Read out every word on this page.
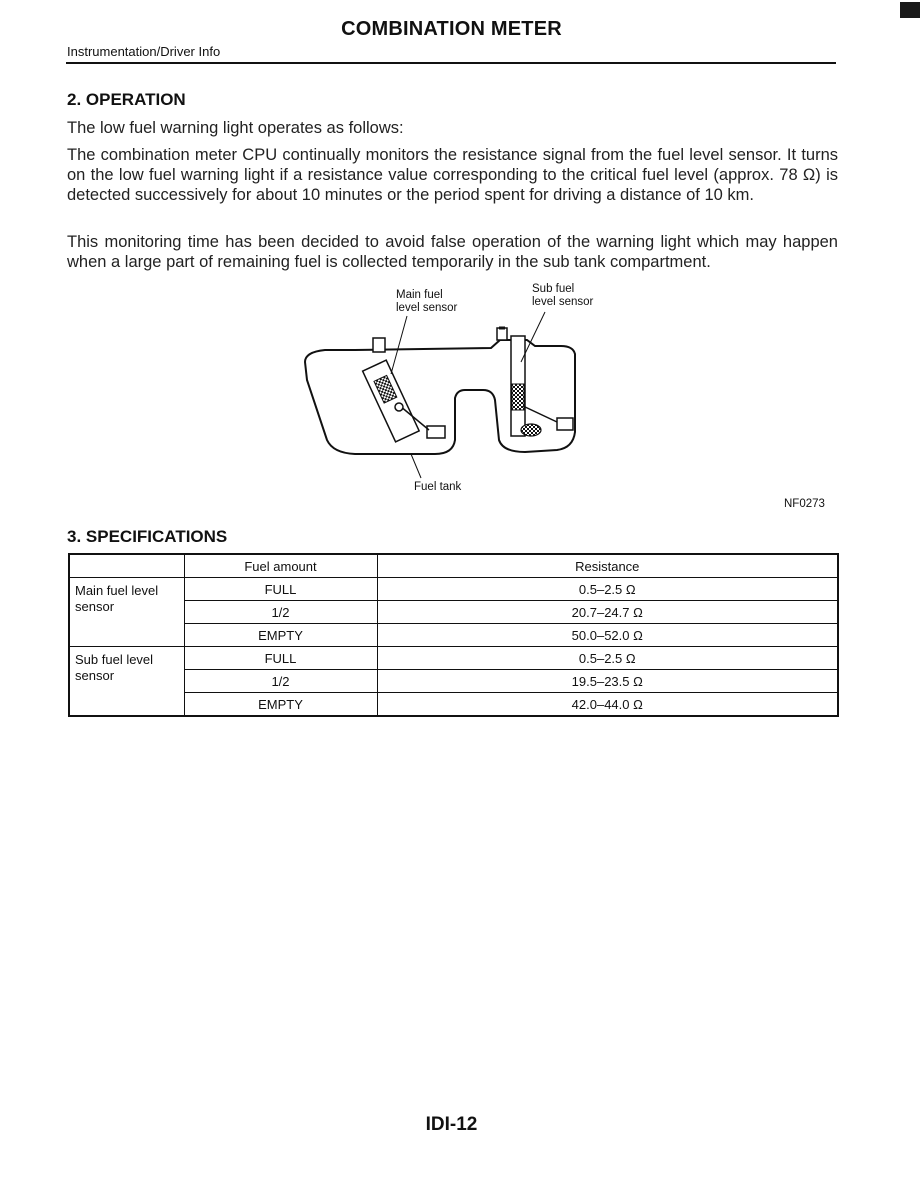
COMBINATION METER
Instrumentation/Driver Info
2. OPERATION
The low fuel warning light operates as follows:
The combination meter CPU continually monitors the resistance signal from the fuel level sensor. It turns on the low fuel warning light if a resistance value corresponding to the critical fuel level (approx. 78 Ω) is detected successively for about 10 minutes or the period spent for driving a distance of 10 km.
This monitoring time has been decided to avoid false operation of the warning light which may happen when a large part of remaining fuel is collected temporarily in the sub tank compartment.
Main fuel
level sensor
Sub fuel
level sensor
Fuel tank
NF0273
3. SPECIFICATIONS
	Fuel amount	Resistance
Main fuel level sensor	FULL	0.5–2.5 Ω
	1/2	20.7–24.7 Ω
	EMPTY	50.0–52.0 Ω
Sub fuel level sensor	FULL	0.5–2.5 Ω
	1/2	19.5–23.5 Ω
	EMPTY	42.0–44.0 Ω
IDI-12
